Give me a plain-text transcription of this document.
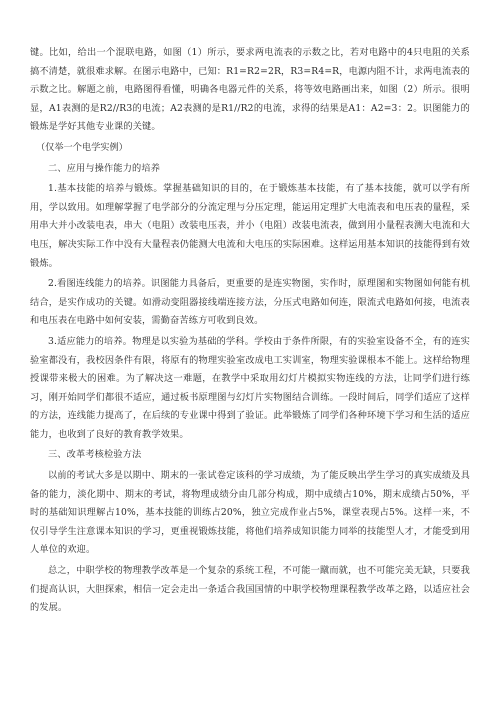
键。比如，给出一个混联电路，如图（1）所示，要求两电流表的示数之比，若对电路中的4只电阻的关系搞不清楚，就很难求解。在图示电路中，已知：R1=R2=2R，R3=R4=R，电源内阻不计，求两电流表的示数之比。解题之前，电路图得看懂，明确各电器元件的关系，将等效电路画出来，如图（2）所示。很明显，A1表测的是R2//R3的电流；A2表测的是R1//R2的电流，求得的结果是A1：A2=3：2。识图能力的锻炼是学好其他专业课的关键。

（仅举一个电学实例）

二、应用与操作能力的培养

1.基本技能的培养与锻炼。掌握基础知识的目的，在于锻炼基本技能，有了基本技能，就可以学有所用，学以致用。如理解掌握了电学部分的分流定理与分压定理，能运用定理扩大电流表和电压表的量程，采用串大并小改装电表，串大（电阻）改装电压表，并小（电阻）改装电流表，做到用小量程表测大电流和大电压，解决实际工作中没有大量程表仍能测大电流和大电压的实际困难。这样运用基本知识的技能得到有效锻炼。

2.看图连线能力的培养。识图能力具备后，更重要的是连实物图，实作时，原理图和实物图如何能有机结合，是实作成功的关键。如滑动变阻器接线端连接方法，分压式电路如何连，限流式电路如何接，电流表和电压表在电路中如何安装，需勤奋苦练方可收到良效。

3.适应能力的培养。物理是以实验为基础的学科。学校由于条件所限，有的实验室设备不全，有的连实验室都没有，我校因条件有限，将原有的物理实验室改成电工实训室，物理实验课根本不能上。这样给物理授课带来极大的困难。为了解决这一难题，在教学中采取用幻灯片模拟实物连线的方法，让同学们进行练习，刚开始同学们都很不适应，通过板书原理图与幻灯片实物图结合训练。一段时间后，同学们适应了这样的方法，连线能力提高了，在后续的专业课中得到了验证。此举锻炼了同学们各种环境下学习和生活的适应能力，也收到了良好的教育教学效果。

三、改革考核检验方法

以前的考试大多是以期中、期末的一张试卷定该科的学习成绩，为了能反映出学生学习的真实成绩及具备的能力，淡化期中、期末的考试，将物理成绩分由几部分构成，期中成绩占10%，期末成绩占50%，平时的基础知识理解占10%，基本技能的训练占20%，独立完成作业占5%，课堂表现占5%。这样一来，不仅引导学生注意课本知识的学习，更重视锻炼技能，将他们培养成知识能力同举的技能型人才，才能受到用人单位的欢迎。

总之，中职学校的物理教学改革是一个复杂的系统工程，不可能一蹴而就，也不可能完美无缺，只要我们提高认识，大胆探索，相信一定会走出一条适合我国国情的中职学校物理课程教学改革之路，以适应社会的发展。
